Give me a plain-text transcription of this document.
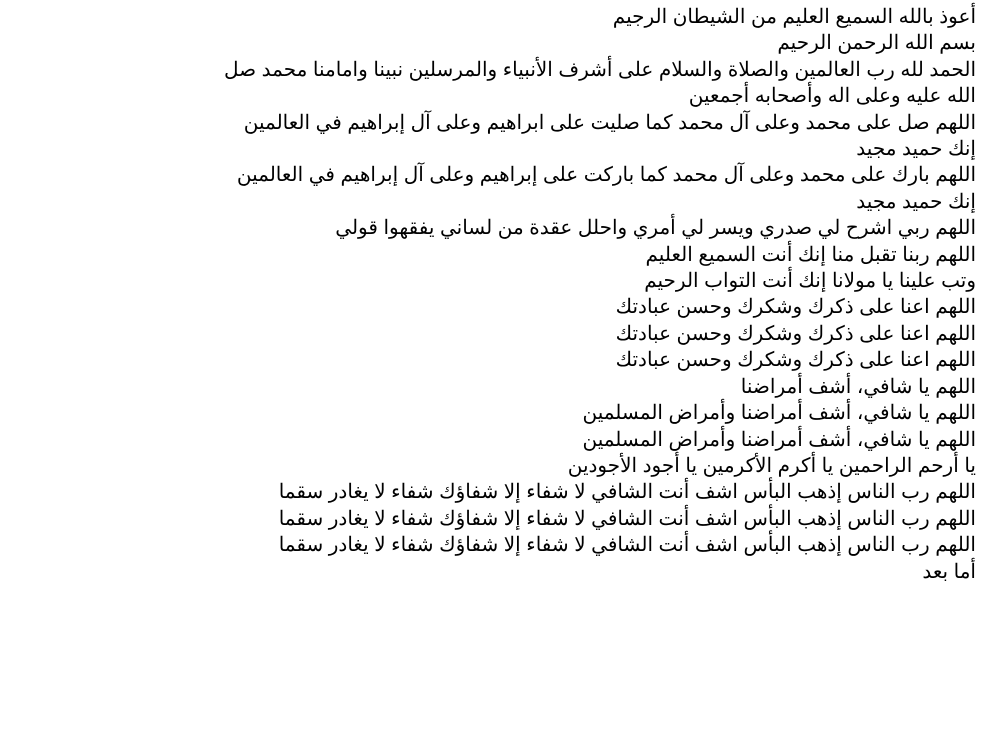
أعوذ بالله السميع العليم من الشيطان الرجيم

بسم الله الرحمن الرحيم

الحمد لله رب العالمين والصلاة والسلام على أشرف الأنبياء والمرسلين نبينا وامامنا محمد صل

الله عليه وعلى اله وأصحابه أجمعين

اللهم صل على محمد وعلى آل محمد كما صليت على ابراهيم وعلى آل إبراهيم في العالمين

إنك حميد مجيد

اللهم بارك على محمد وعلى آل محمد كما باركت على إبراهيم وعلى آل إبراهيم في العالمين

إنك حميد مجيد

اللهم ربي اشرح لي صدري ويسر لي أمري واحلل عقدة من لساني يفقهوا قولي

اللهم ربنا تقبل منا إنك أنت السميع العليم

وتب علينا يا مولانا إنك أنت التواب الرحيم

اللهم اعنا على ذكرك وشكرك وحسن عبادتك

اللهم اعنا على ذكرك وشكرك وحسن عبادتك

اللهم اعنا على ذكرك وشكرك وحسن عبادتك

اللهم يا شافي، أشف أمراضنا

اللهم يا شافي، أشف أمراضنا وأمراض المسلمين

اللهم يا شافي، أشف أمراضنا وأمراض المسلمين

يا أرحم الراحمين يا أكرم الأكرمين يا أجود الأجودين

اللهم رب الناس إذهب البأس اشف أنت الشافي لا شفاء إلا شفاؤك شفاء لا يغادر سقما

اللهم رب الناس إذهب البأس اشف أنت الشافي لا شفاء إلا شفاؤك شفاء لا يغادر سقما

اللهم رب الناس إذهب البأس اشف أنت الشافي لا شفاء إلا شفاؤك شفاء لا يغادر سقما

أما بعد
